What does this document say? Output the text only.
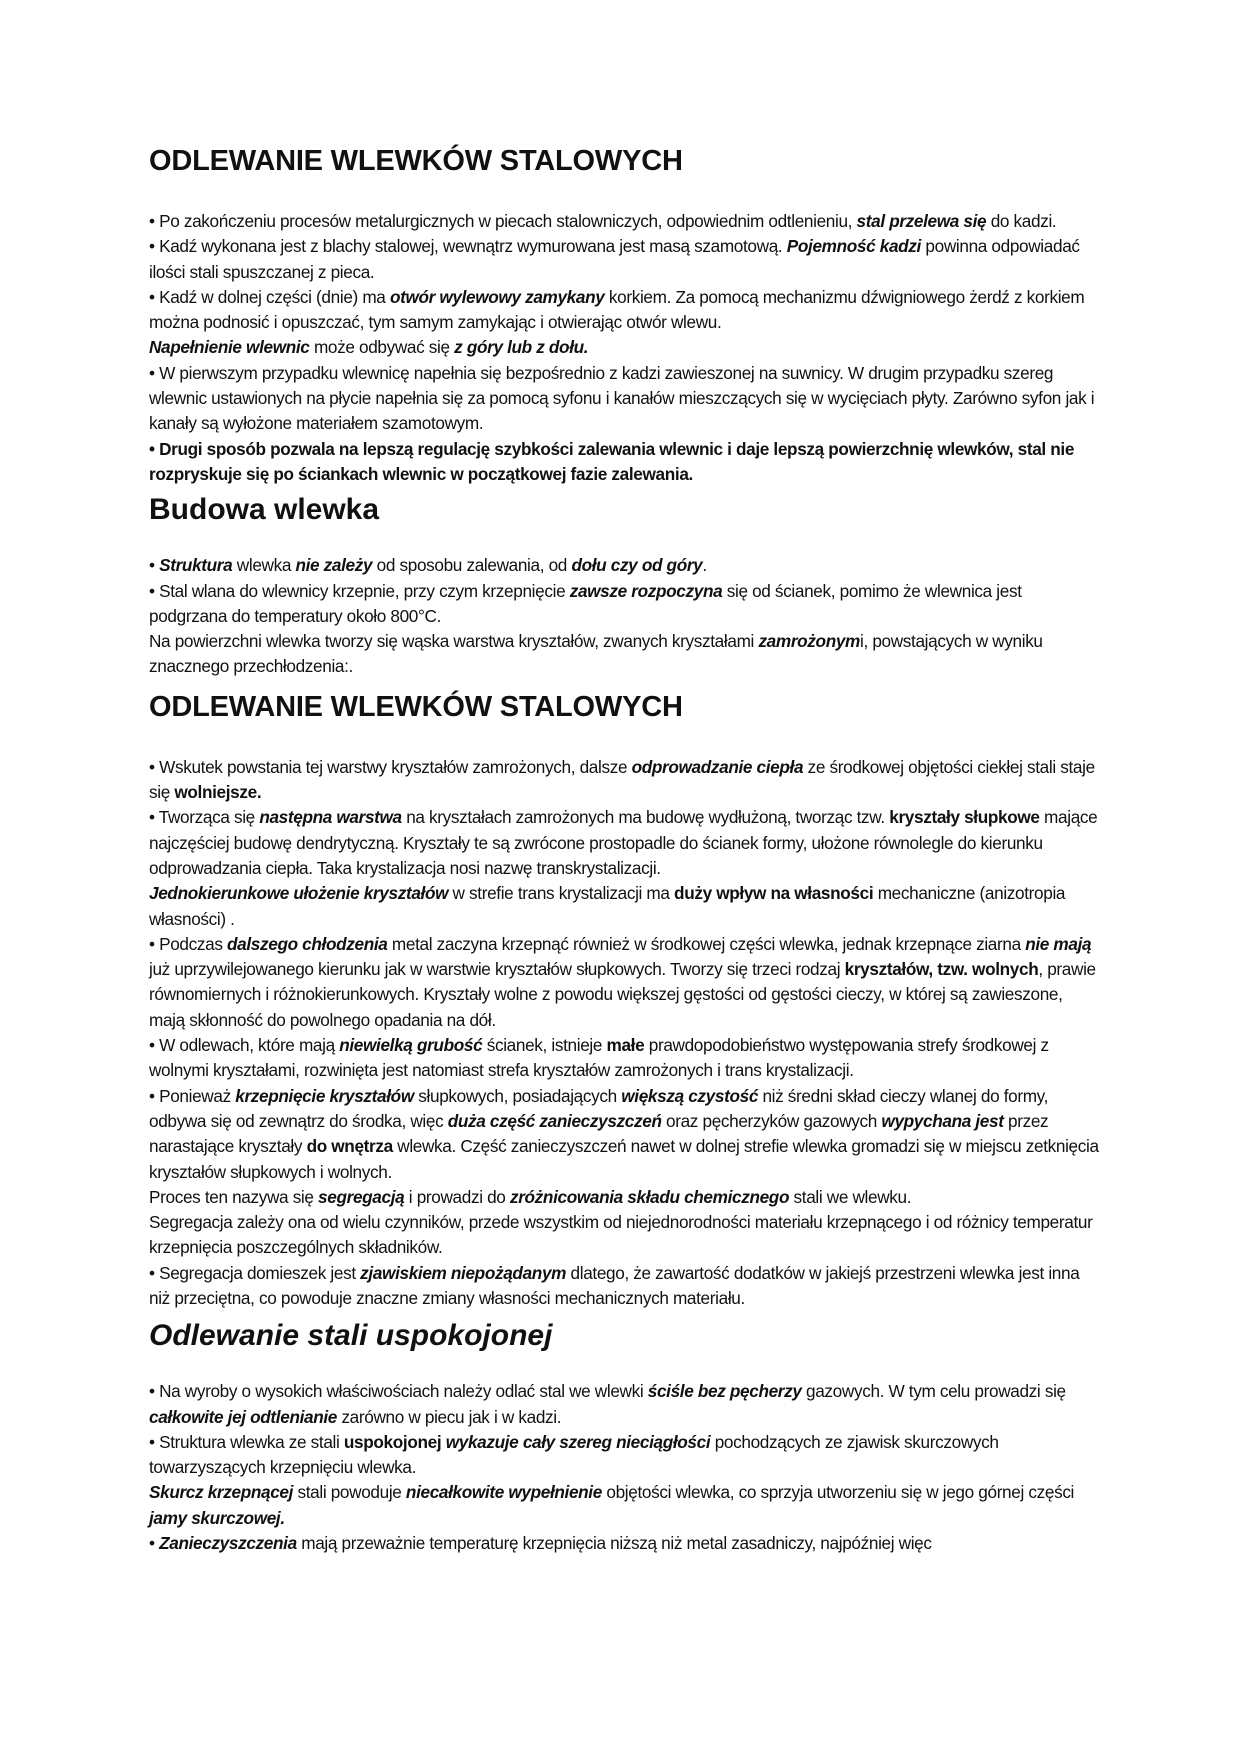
ODLEWANIE WLEWKÓW STALOWYCH

• Po zakończeniu procesów metalurgicznych w piecach stalowniczych, odpowiednim odtlenieniu, stal przelewa się do kadzi.

• Kadź wykonana jest z blachy stalowej, wewnątrz wymurowana jest masą szamotową. Pojemność kadzi powinna odpowiadać ilości stali spuszczanej z pieca.

• Kadź w dolnej części (dnie) ma otwór wylewowy zamykany korkiem. Za pomocą mechanizmu dźwigniowego żerdź z korkiem można podnosić i opuszczać, tym samym zamykając i otwierając otwór wlewu.

Napełnienie wlewnic może odbywać się z góry lub z dołu.

• W pierwszym przypadku wlewnicę napełnia się bezpośrednio z kadzi zawieszonej na suwnicy. W drugim przypadku szereg wlewnic ustawionych na płycie napełnia się za pomocą syfonu i kanałów mieszczących się w wycięciach płyty. Zarówno syfon jak i kanały są wyłożone materiałem szamotowym.

• Drugi sposób pozwala na lepszą regulację szybkości zalewania wlewnic i daje lepszą powierzchnię wlewków, stal nie rozpryskuje się po ściankach wlewnic w początkowej fazie zalewania.

Budowa wlewka

• Struktura wlewka nie zależy od sposobu zalewania, od dołu czy od góry.

• Stal wlana do wlewnicy krzepnie, przy czym krzepnięcie zawsze rozpoczyna się od ścianek, pomimo że wlewnica jest podgrzana do temperatury około 800°C.

Na powierzchni wlewka tworzy się wąska warstwa kryształów, zwanych kryształami zamrożonymi, powstających w wyniku znacznego przechłodzenia:.

ODLEWANIE WLEWKÓW STALOWYCH

• Wskutek powstania tej warstwy kryształów zamrożonych, dalsze odprowadzanie ciepła ze środkowej objętości ciekłej stali staje się wolniejsze.

• Tworząca się następna warstwa na kryształach zamrożonych ma budowę wydłużoną, tworząc tzw. kryształy słupkowe mające najczęściej budowę dendrytyczną. Kryształy te są zwrócone prostopadle do ścianek formy, ułożone równolegle do kierunku odprowadzania ciepła. Taka krystalizacja nosi nazwę transkrystalizacji.

Jednokierunkowe ułożenie kryształów w strefie trans krystalizacji ma duży wpływ na własności mechaniczne (anizotropia własności) .

• Podczas dalszego chłodzenia metal zaczyna krzepnąć również w środkowej części wlewka, jednak krzepnące ziarna nie mają już uprzywilejowanego kierunku jak w warstwie kryształów słupkowych. Tworzy się trzeci rodzaj kryształów, tzw. wolnych, prawie równomiernych i różnokierunkowych. Kryształy wolne z powodu większej gęstości od gęstości cieczy, w której są zawieszone, mają skłonność do powolnego opadania na dół.

• W odlewach, które mają niewielką grubość ścianek, istnieje małe prawdopodobieństwo występowania strefy środkowej z wolnymi kryształami, rozwinięta jest natomiast strefa kryształów zamrożonych i trans krystalizacji.

• Ponieważ krzepnięcie kryształów słupkowych, posiadających większą czystość niż średni skład cieczy wlanej do formy, odbywa się od zewnątrz do środka, więc duża część zanieczyszczeń oraz pęcherzyków gazowych wypychana jest przez narastające kryształy do wnętrza wlewka. Część zanieczyszczeń nawet w dolnej strefie wlewka gromadzi się w miejscu zetknięcia kryształów słupkowych i wolnych.

Proces ten nazywa się segregacją i prowadzi do zróżnicowania składu chemicznego stali we wlewku.

Segregacja zależy ona od wielu czynników, przede wszystkim od niejednorodności materiału krzepnącego i od różnicy temperatur krzepnięcia poszczególnych składników.

• Segregacja domieszek jest zjawiskiem niepożądanym dlatego, że zawartość dodatków w jakiejś przestrzeni wlewka jest inna niż przeciętna, co powoduje znaczne zmiany własności mechanicznych materiału.

Odlewanie stali uspokojonej

• Na wyroby o wysokich właściwościach należy odlać stal we wlewki ściśle bez pęcherzy gazowych. W tym celu prowadzi się całkowite jej odtlenianie zarówno w piecu jak i w kadzi.

• Struktura wlewka ze stali uspokojonej wykazuje cały szereg nieciągłości pochodzących ze zjawisk skurczowych towarzyszących krzepnięciu wlewka.

Skurcz krzepnącej stali powoduje niecałkowite wypełnienie objętości wlewka, co sprzyja utworzeniu się w jego górnej części jamy skurczowej.

• Zanieczyszczenia mają przeważnie temperaturę krzepnięcia niższą niż metal zasadniczy, najpóźniej więc
